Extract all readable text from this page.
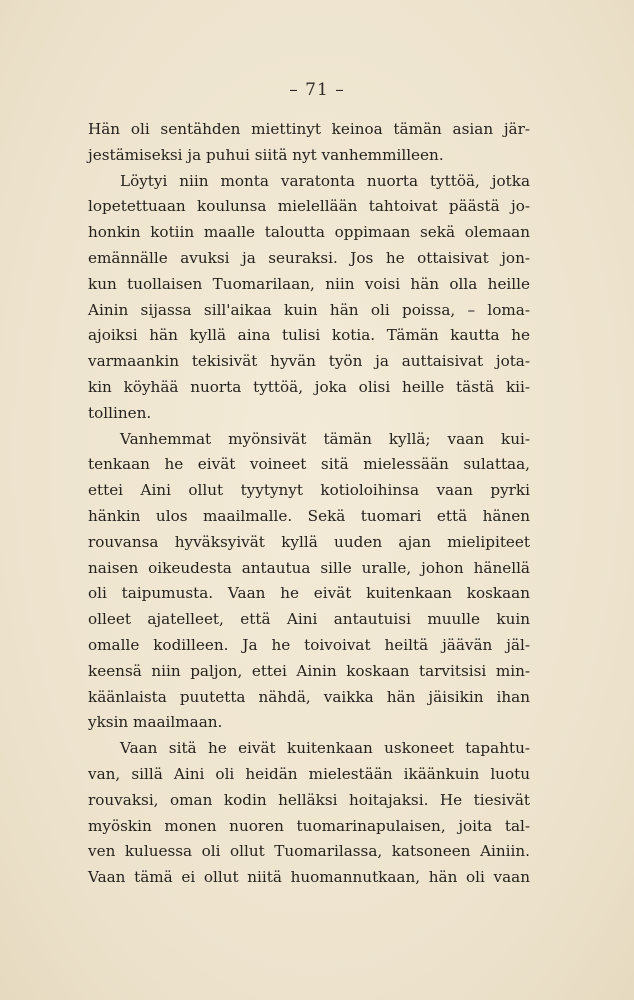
– 71 –
Hän oli sentähden miettinyt keinoa tämän asian jär-
jestämiseksi ja puhui siitä nyt vanhemmilleen.
Löytyi niin monta varatonta nuorta tyttöä, jotka
lopetettuaan koulunsa mielellään tahtoivat päästä jo-
honkin kotiin maalle taloutta oppimaan sekä olemaan
emännälle avuksi ja seuraksi. Jos he ottaisivat jon-
kun tuollaisen Tuomarilaan, niin voisi hän olla heille
Ainin sijassa sill'aikaa kuin hän oli poissa, – loma-
ajoiksi hän kyllä aina tulisi kotia. Tämän kautta he
varmaankin tekisivät hyvän työn ja auttaisivat jota-
kin köyhää nuorta tyttöä, joka olisi heille tästä kii-
tollinen.
Vanhemmat myönsivät tämän kyllä; vaan kui-
tenkaan he eivät voineet sitä mielessään sulattaa,
ettei Aini ollut tyytynyt kotioloihinsa vaan pyrki
hänkin ulos maailmalle. Sekä tuomari että hänen
rouvansa hyväksyivät kyllä uuden ajan mielipiteet
naisen oikeudesta antautua sille uralle, johon hänellä
oli taipumusta. Vaan he eivät kuitenkaan koskaan
olleet ajatelleet, että Aini antautuisi muulle kuin
omalle kodilleen. Ja he toivoivat heiltä jäävän jäl-
keensä niin paljon, ettei Ainin koskaan tarvitsisi min-
käänlaista puutetta nähdä, vaikka hän jäisikin ihan
yksin maailmaan.
Vaan sitä he eivät kuitenkaan uskoneet tapahtu-
van, sillä Aini oli heidän mielestään ikäänkuin luotu
rouvaksi, oman kodin helläksi hoitajaksi. He tiesivät
myöskin monen nuoren tuomarinapulaisen, joita tal-
ven kuluessa oli ollut Tuomarilassa, katsoneen Ainiin.
Vaan tämä ei ollut niitä huomannutkaan, hän oli vaan
